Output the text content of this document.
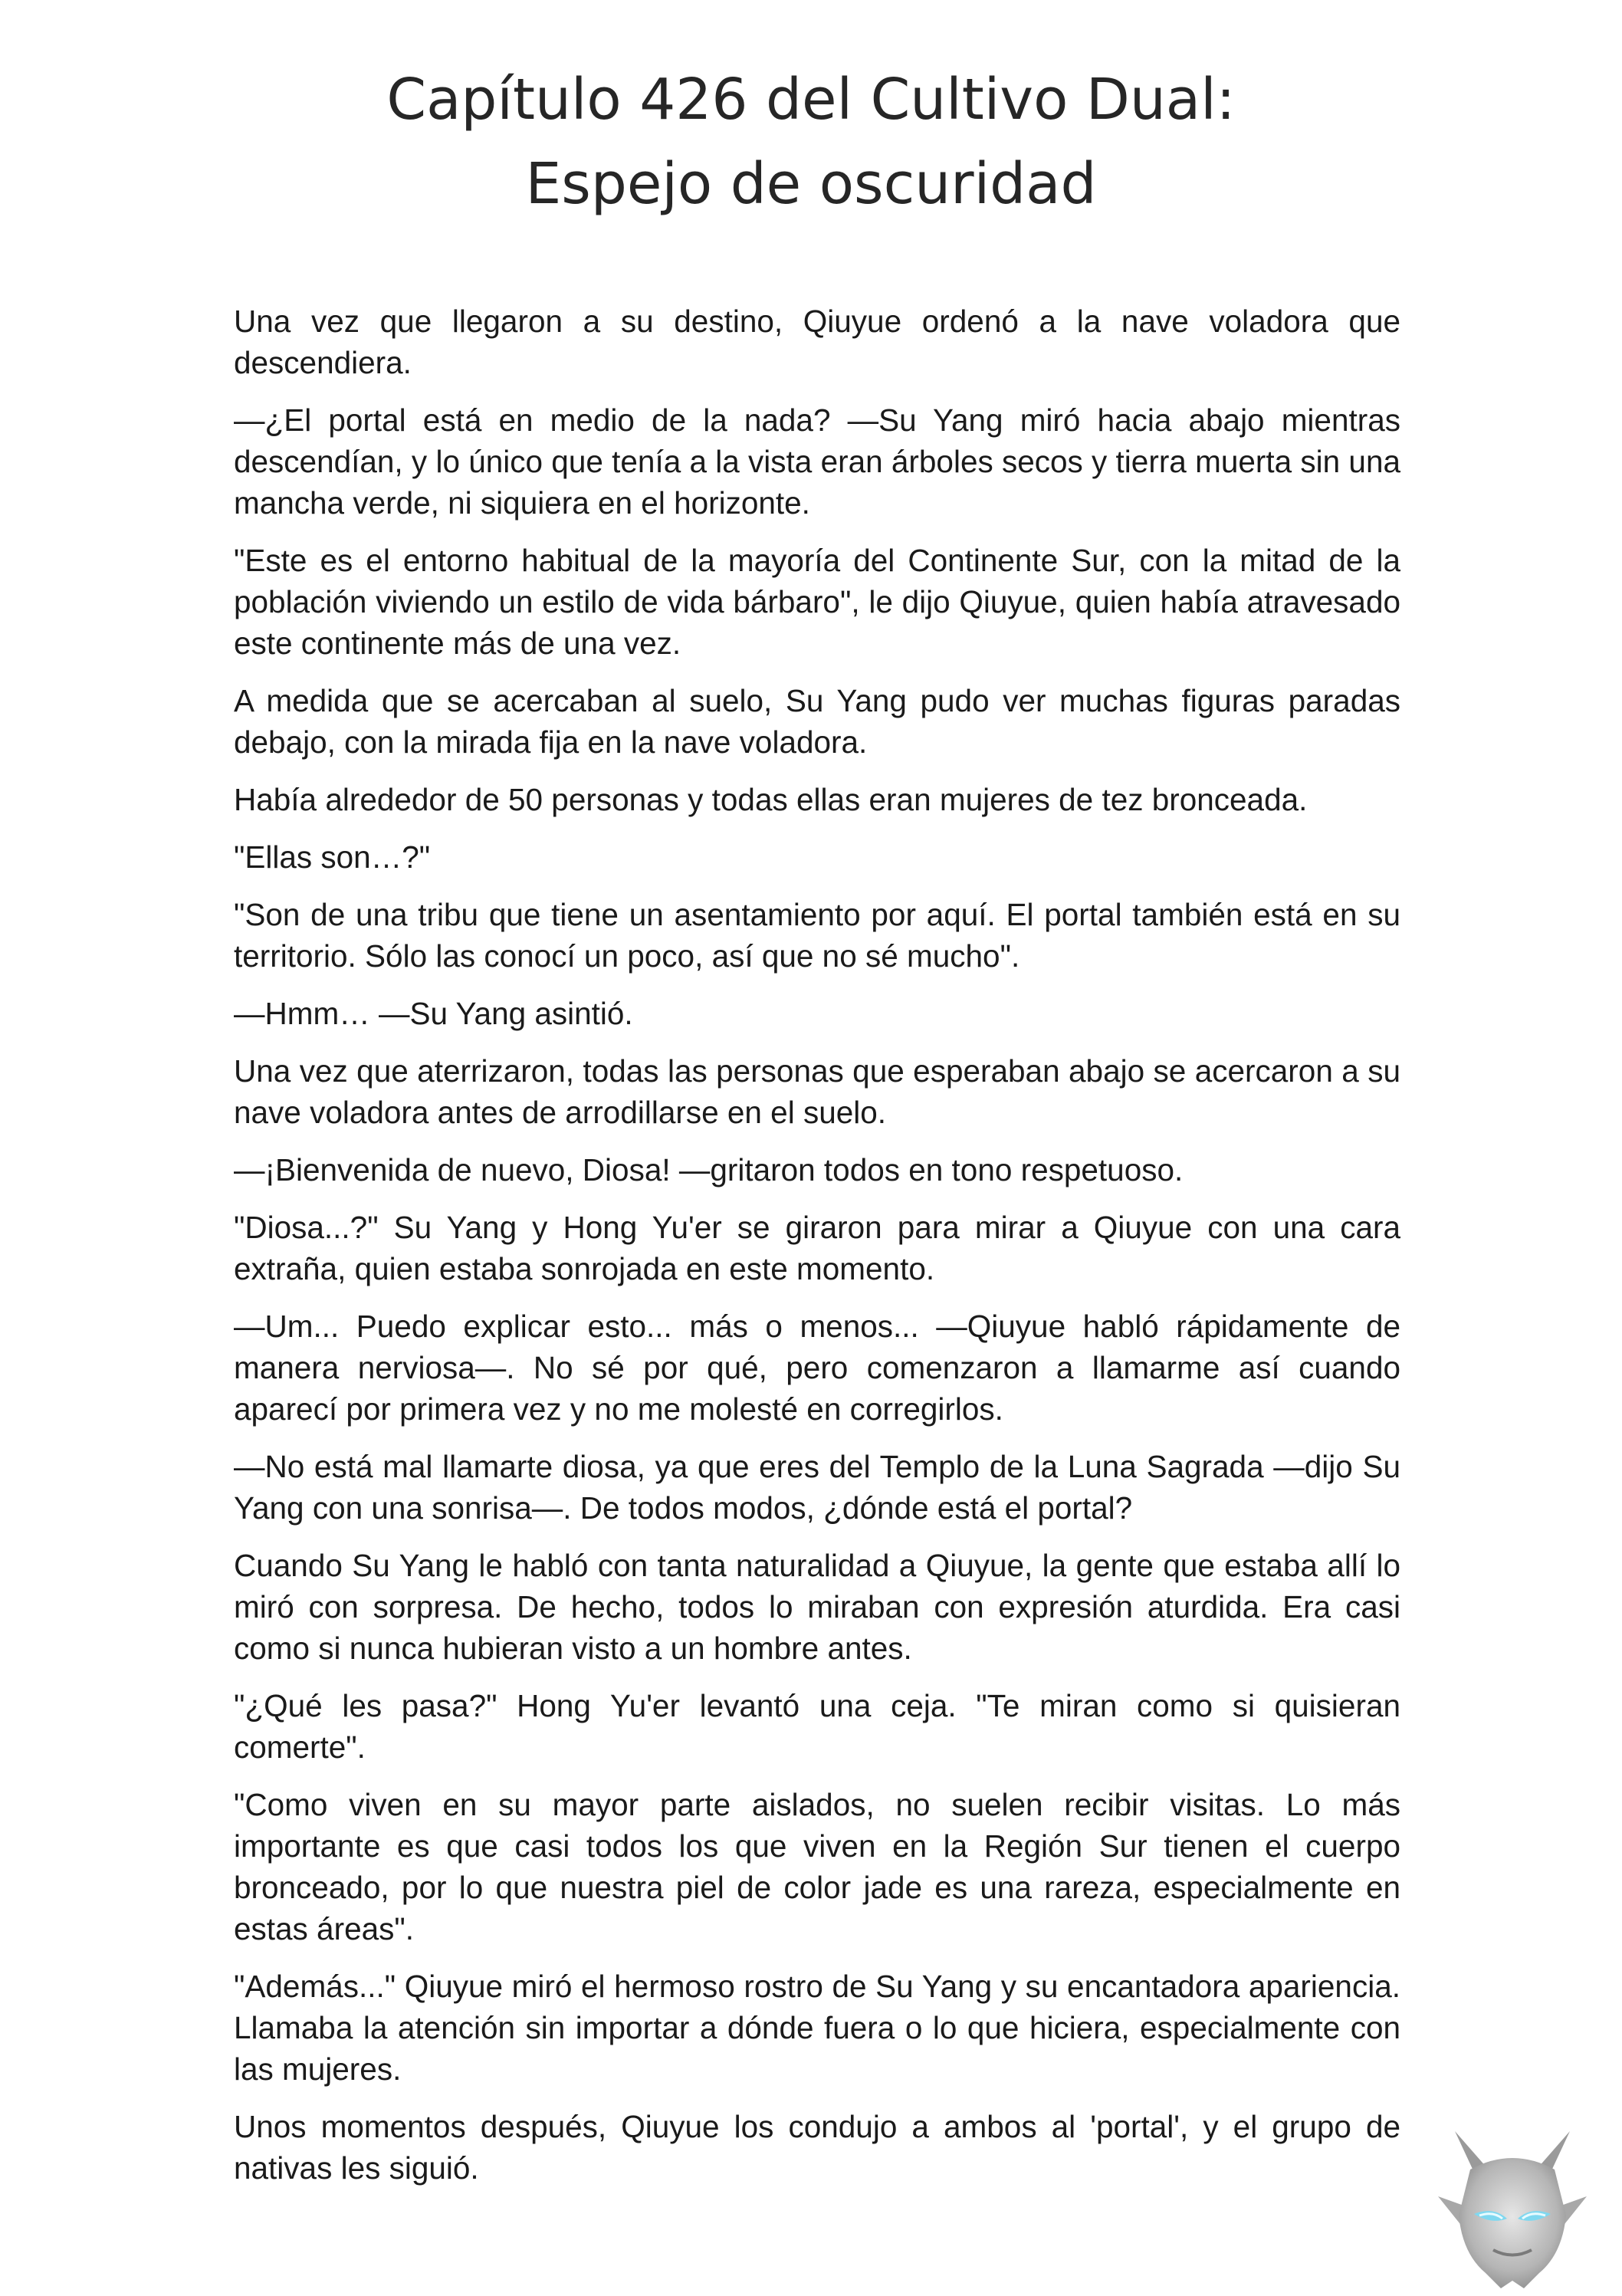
Capítulo 426 del Cultivo Dual:
Espejo de oscuridad

Una vez que llegaron a su destino, Qiuyue ordenó a la nave voladora que descendiera.

—¿El portal está en medio de la nada? —Su Yang miró hacia abajo mientras descendían, y lo único que tenía a la vista eran árboles secos y tierra muerta sin una mancha verde, ni siquiera en el horizonte.

"Este es el entorno habitual de la mayoría del Continente Sur, con la mitad de la población viviendo un estilo de vida bárbaro", le dijo Qiuyue, quien había atravesado este continente más de una vez.

A medida que se acercaban al suelo, Su Yang pudo ver muchas figuras paradas debajo, con la mirada fija en la nave voladora.

Había alrededor de 50 personas y todas ellas eran mujeres de tez bronceada.

"Ellas son…?"

"Son de una tribu que tiene un asentamiento por aquí. El portal también está en su territorio. Sólo las conocí un poco, así que no sé mucho".

—Hmm… —Su Yang asintió.

Una vez que aterrizaron, todas las personas que esperaban abajo se acercaron a su nave voladora antes de arrodillarse en el suelo.

—¡Bienvenida de nuevo, Diosa! —gritaron todos en tono respetuoso.

"Diosa...?" Su Yang y Hong Yu'er se giraron para mirar a Qiuyue con una cara extraña, quien estaba sonrojada en este momento.

—Um... Puedo explicar esto... más o menos... —Qiuyue habló rápidamente de manera nerviosa—. No sé por qué, pero comenzaron a llamarme así cuando aparecí por primera vez y no me molesté en corregirlos.

—No está mal llamarte diosa, ya que eres del Templo de la Luna Sagrada —dijo Su Yang con una sonrisa—. De todos modos, ¿dónde está el portal?

Cuando Su Yang le habló con tanta naturalidad a Qiuyue, la gente que estaba allí lo miró con sorpresa. De hecho, todos lo miraban con expresión aturdida. Era casi como si nunca hubieran visto a un hombre antes.

"¿Qué les pasa?" Hong Yu'er levantó una ceja. "Te miran como si quisieran comerte".

"Como viven en su mayor parte aislados, no suelen recibir visitas. Lo más importante es que casi todos los que viven en la Región Sur tienen el cuerpo bronceado, por lo que nuestra piel de color jade es una rareza, especialmente en estas áreas".

"Además..." Qiuyue miró el hermoso rostro de Su Yang y su encantadora apariencia. Llamaba la atención sin importar a dónde fuera o lo que hiciera, especialmente con las mujeres.

Unos momentos después, Qiuyue los condujo a ambos al 'portal', y el grupo de nativas les siguió.
